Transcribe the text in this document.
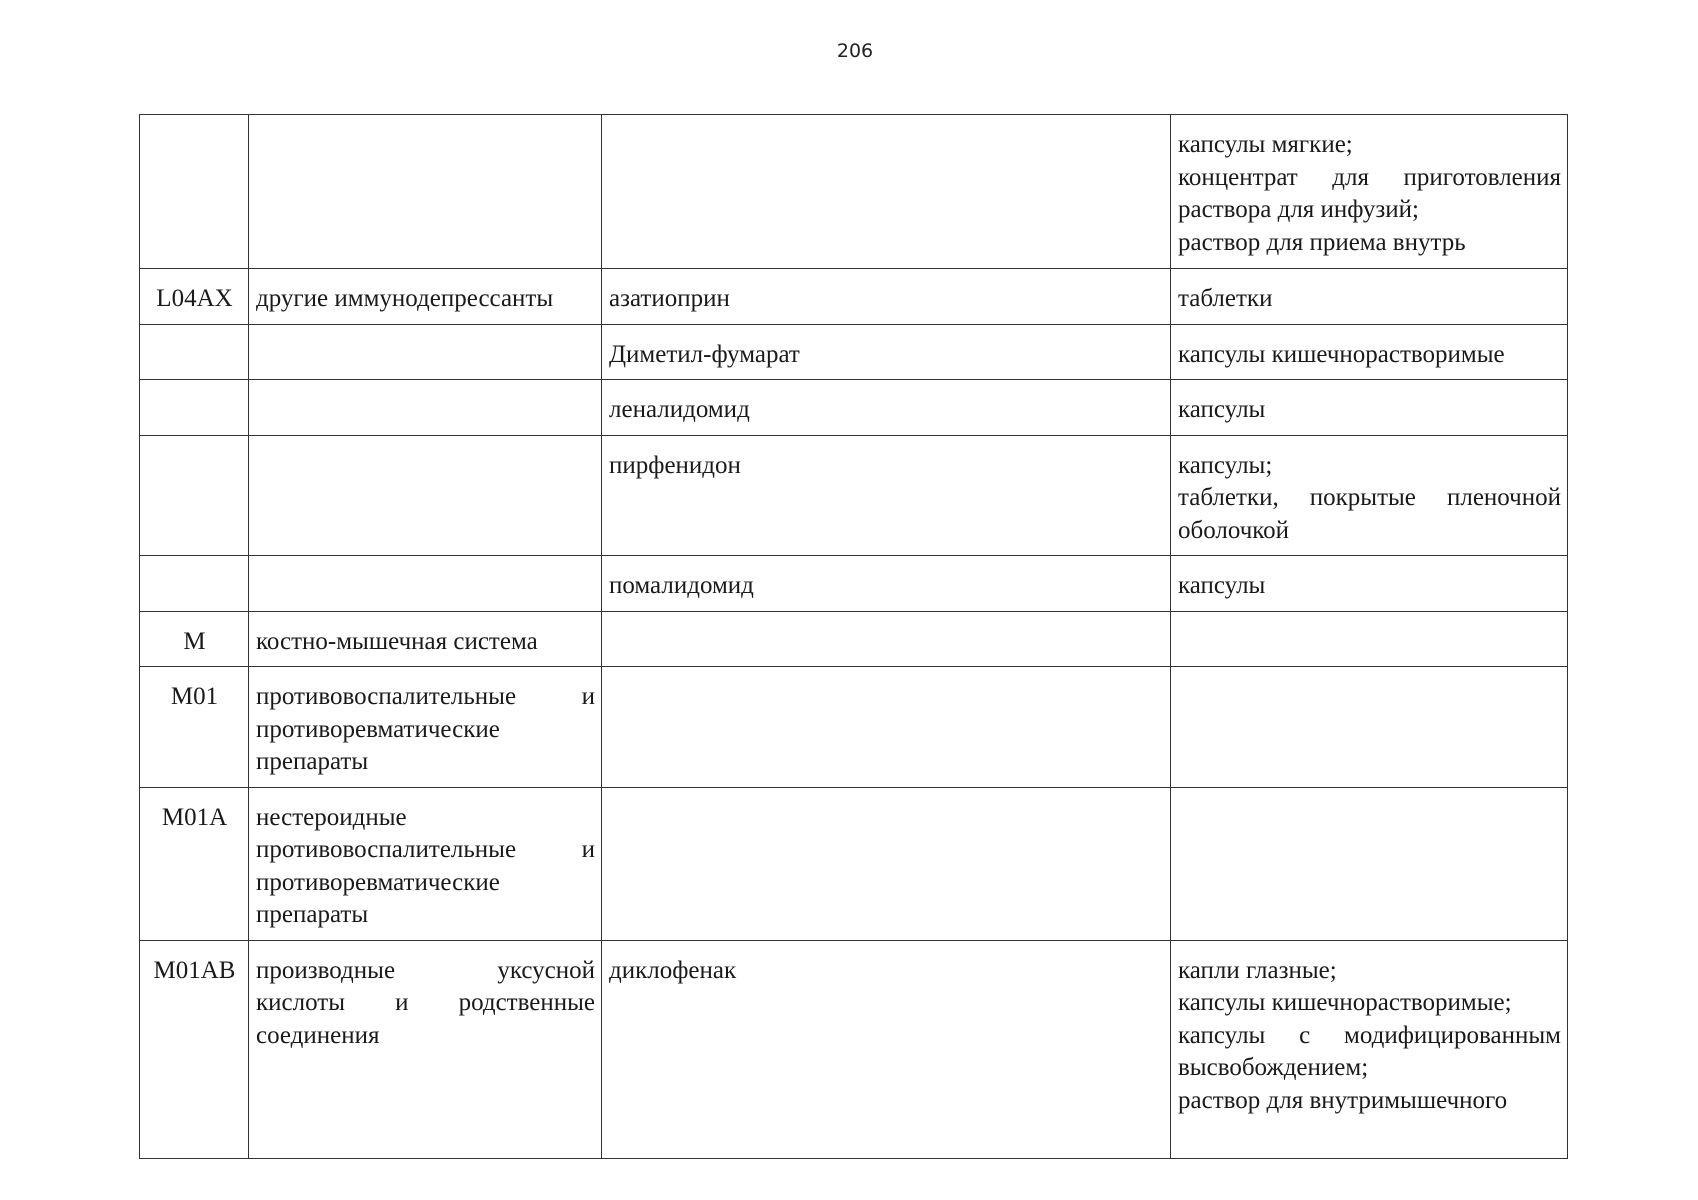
206

			капсулы мягкие;
концентрат для приготовления
раствора для инфузий;
раствор для приема внутрь

L04AX	другие иммунодепрессанты	азатиоприн	таблетки

		Диметил-фумарат	капсулы кишечнорастворимые

		леналидомид	капсулы

		пирфенидон	капсулы;
таблетки, покрытые пленочной
оболочкой

		помалидомид	капсулы

M	костно-мышечная система		

M01	противовоспалительные и
противоревматические
препараты		

M01A	нестероидные
противовоспалительные и
противоревматические
препараты		

M01AB	производные уксусной
кислоты и родственные
соединения	диклофенак	капли глазные;
капсулы кишечнорастворимые;
капсулы с модифицированным
высвобождением;
раствор для внутримышечного
